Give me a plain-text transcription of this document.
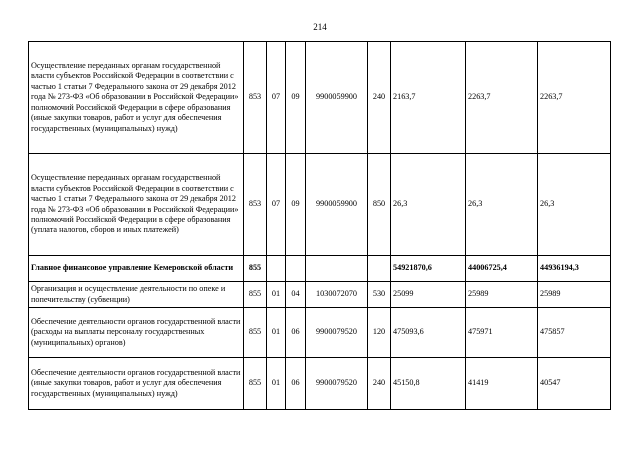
214
Осуществление переданных органам государственной власти субъектов Российской Федерации в соответствии с частью 1 статьи 7 Федерального закона от 29 декабря 2012 года № 273-ФЗ «Об образовании в Российской Федерации» полномочий Российской Федерации в сфере образования (иные закупки товаров, работ и услуг для обеспечения государственных (муниципальных) нужд)	853	07	09	9900059900	240	2163,7	2263,7	2263,7
Осуществление переданных органам государственной власти субъектов Российской Федерации в соответствии с частью 1 статьи 7 Федерального закона от 29 декабря 2012 года № 273-ФЗ «Об образовании в Российской Федерации» полномочий Российской Федерации в сфере образования (уплата налогов, сборов и иных платежей)	853	07	09	9900059900	850	26,3	26,3	26,3
Главное финансовое управление Кемеровской области	855					54921870,6	44006725,4	44936194,3
Организация и осуществление деятельности по опеке и попечительству (субвенции)	855	01	04	1030072070	530	25099	25989	25989
Обеспечение деятельности органов государственной власти (расходы на выплаты персоналу государственных (муниципальных) органов)	855	01	06	9900079520	120	475093,6	475971	475857
Обеспечение деятельности органов государственной власти (иные закупки товаров, работ и услуг для обеспечения государственных (муниципальных) нужд)	855	01	06	9900079520	240	45150,8	41419	40547
